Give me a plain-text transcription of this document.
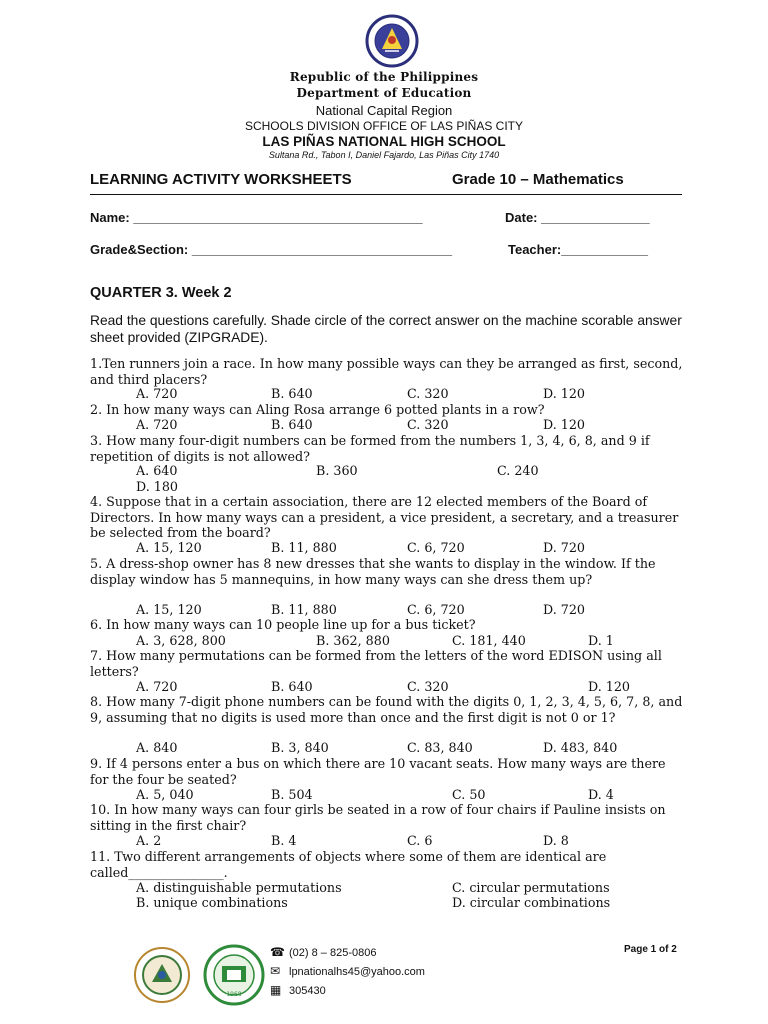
Republic of the Philippines
Department of Education
National Capital Region
SCHOOLS DIVISION OFFICE OF LAS PIÑAS CITY
LAS PIÑAS NATIONAL HIGH SCHOOL
Sultana Rd., Tabon I, Daniel Fajardo, Las Piñas City 1740
LEARNING ACTIVITY WORKSHEETS	Grade 10 – Mathematics
Name: ________________________________________	Date: _______________
Grade&Section: ____________________________________	Teacher:____________
QUARTER 3. Week 2
Read the questions carefully. Shade circle of the correct answer on the machine scorable answer sheet provided (ZIPGRADE).
1.Ten runners join a race. In how many possible ways can they be arranged as first, second, and third placers?
A. 720	B. 640	C. 320	D. 120
2. In how many ways can Aling Rosa arrange 6 potted plants in a row?
A. 720	B. 640	C. 320	D. 120
3. How many four-digit numbers can be formed from the numbers 1, 3, 4, 6, 8, and 9 if repetition of digits is not allowed?
A. 640	B. 360	C. 240
D. 180
4. Suppose that in a certain association, there are 12 elected members of the Board of Directors. In how many ways can a president, a vice president, a secretary, and a treasurer be selected from the board?
A. 15, 120	B. 11, 880	C. 6, 720	D. 720
5. A dress-shop owner has 8 new dresses that she wants to display in the window. If the display window has 5 mannequins, in how many ways can she dress them up?
A. 15, 120	B. 11, 880	C. 6, 720	D. 720
6. In how many ways can 10 people line up for a bus ticket?
A. 3, 628, 800	B. 362, 880	C. 181, 440	D. 1
7. How many permutations can be formed from the letters of the word EDISON using all letters?
A. 720	B. 640	C. 320	D. 120
8. How many 7-digit phone numbers can be found with the digits 0, 1, 2, 3, 4, 5, 6, 7, 8, and 9, assuming that no digits is used more than once and the first digit is not 0 or 1?
A. 840	B. 3, 840	C. 83, 840	D. 483, 840
9. If 4 persons enter a bus on which there are 10 vacant seats. How many ways are there for the four be seated?
A. 5, 040	B. 504	C. 50	D. 4
10. In how many ways can four girls be seated in a row of four chairs if Pauline insists on sitting in the first chair?
A. 2	B. 4	C. 6	D. 8
11. Two different arrangements of objects where some of them are identical are called_______________.
A. distinguishable permutations	C. circular permutations
B. unique combinations	D. circular combinations
1968
☎ (02) 8 – 825-0806
✉ lpnationalhs45@yahoo.com
▦ 305430
Page 1 of 2
